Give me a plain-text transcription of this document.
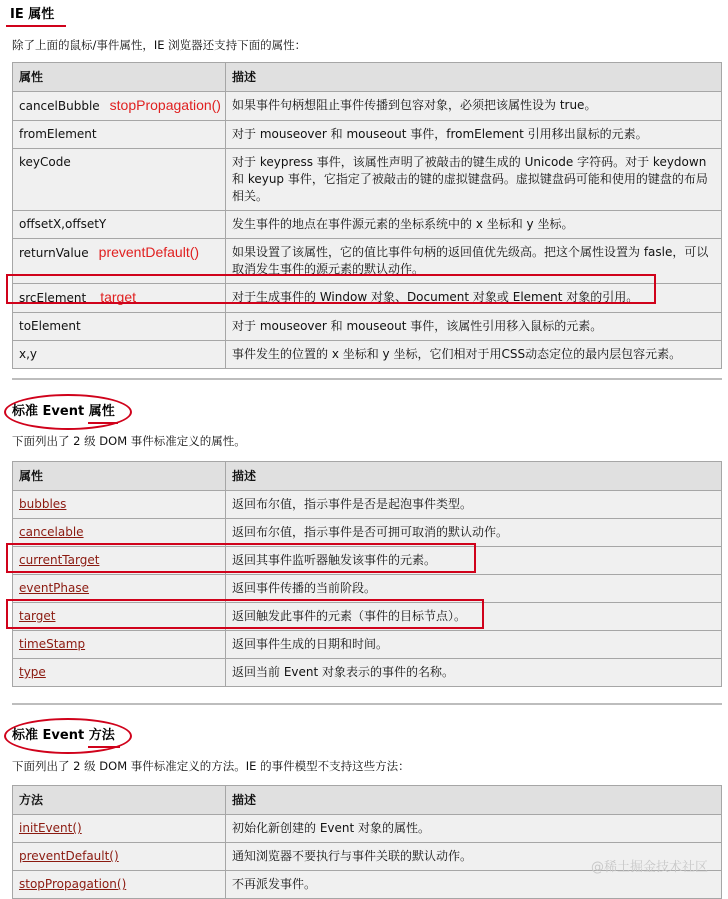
IE 属性
除了上面的鼠标/事件属性，IE 浏览器还支持下面的属性：
属性	描述
cancelBubble stopPropagation()	如果事件句柄想阻止事件传播到包容对象，必须把该属性设为 true。
fromElement	对于 mouseover 和 mouseout 事件，fromElement 引用移出鼠标的元素。
keyCode	对于 keypress 事件，该属性声明了被敲击的键生成的 Unicode 字符码。对于 keydown 和 keyup 事件，它指定了被敲击的键的虚拟键盘码。虚拟键盘码可能和使用的键盘的布局相关。
offsetX,offsetY	发生事件的地点在事件源元素的坐标系统中的 x 坐标和 y 坐标。
returnValue preventDefault()	如果设置了该属性，它的值比事件句柄的返回值优先级高。把这个属性设置为 fasle，可以取消发生事件的源元素的默认动作。
srcElement target	对于生成事件的 Window 对象、Document 对象或 Element 对象的引用。
toElement	对于 mouseover 和 mouseout 事件，该属性引用移入鼠标的元素。
x,y	事件发生的位置的 x 坐标和 y 坐标，它们相对于用CSS动态定位的最内层包容元素。
标准 Event 属性
下面列出了 2 级 DOM 事件标准定义的属性。
属性	描述
bubbles	返回布尔值，指示事件是否是起泡事件类型。
cancelable	返回布尔值，指示事件是否可拥可取消的默认动作。
currentTarget	返回其事件监听器触发该事件的元素。
eventPhase	返回事件传播的当前阶段。
target	返回触发此事件的元素（事件的目标节点）。
timeStamp	返回事件生成的日期和时间。
type	返回当前 Event 对象表示的事件的名称。
标准 Event 方法
下面列出了 2 级 DOM 事件标准定义的方法。IE 的事件模型不支持这些方法：
方法	描述
initEvent()	初始化新创建的 Event 对象的属性。
preventDefault()	通知浏览器不要执行与事件关联的默认动作。
stopPropagation()	不再派发事件。
@稀土掘金技术社区
